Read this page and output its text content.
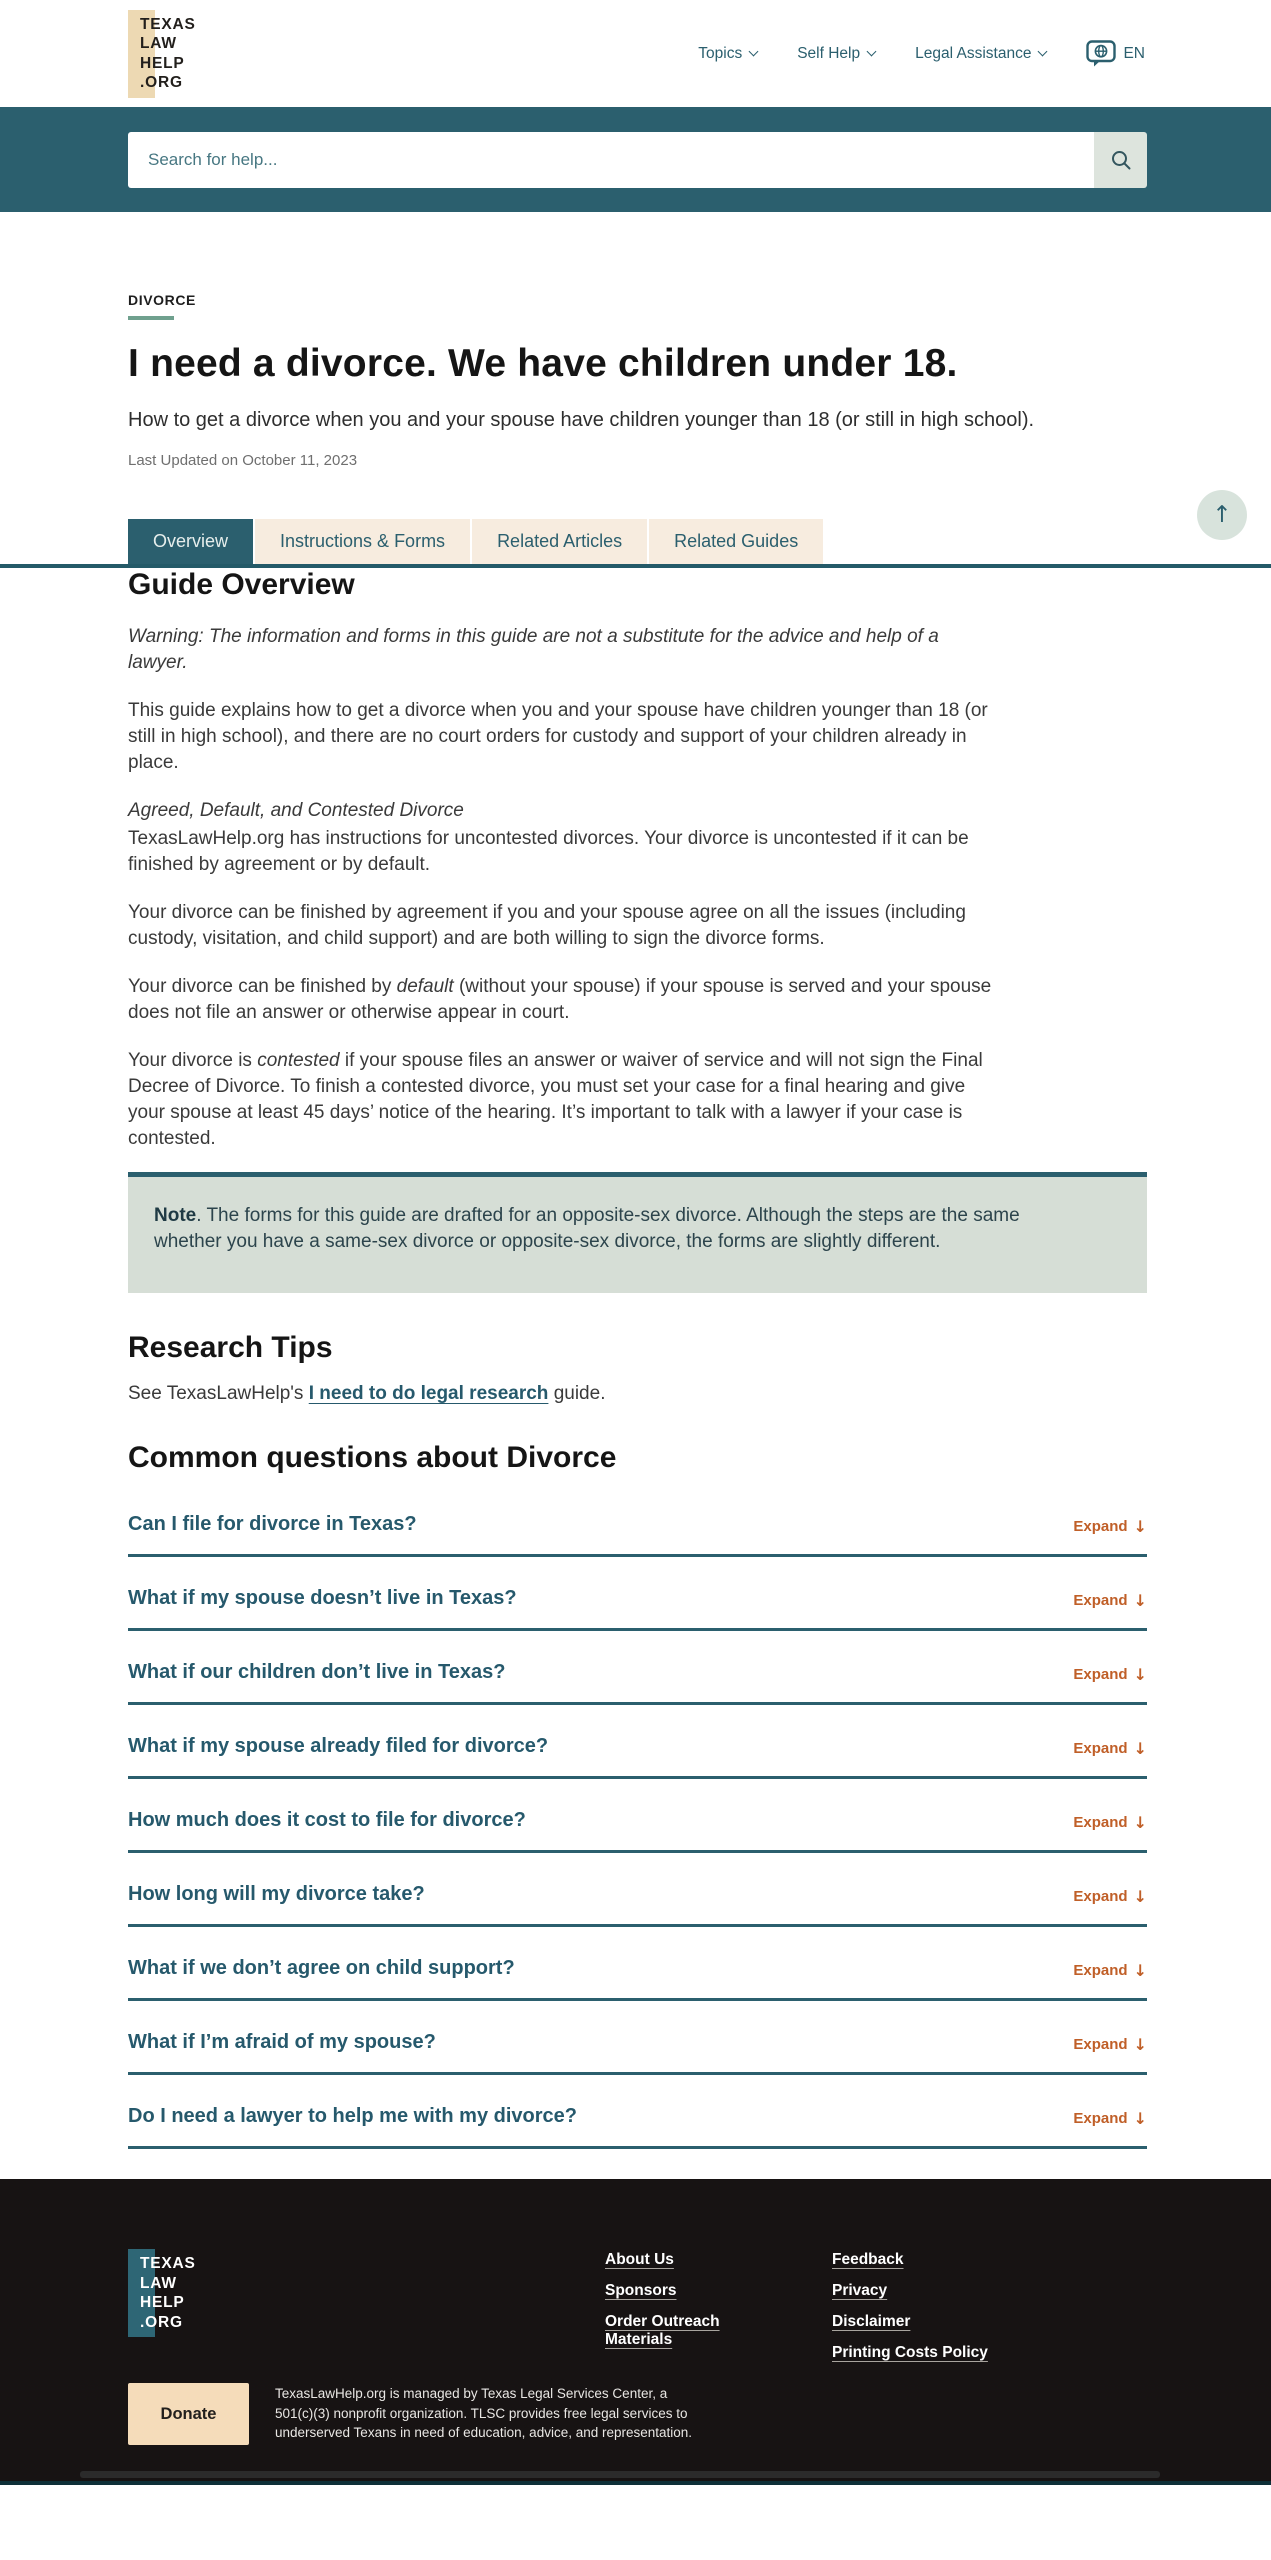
TEXAS
LAW
HELP
.ORG
Topics	Self Help	Legal Assistance	EN
Search for help...
DIVORCE
I need a divorce. We have children under 18.
How to get a divorce when you and your spouse have children younger than 18 (or still in high school).
Last Updated on October 11, 2023
Overview	Instructions & Forms	Related Articles	Related Guides
↑
Guide Overview

Warning: The information and forms in this guide are not a substitute for the advice and help of a lawyer.

This guide explains how to get a divorce when you and your spouse have children younger than 18 (or still in high school), and there are no court orders for custody and support of your children already in place.

Agreed, Default, and Contested Divorce

TexasLawHelp.org has instructions for uncontested divorces. Your divorce is uncontested if it can be finished by agreement or by default.

Your divorce can be finished by agreement if you and your spouse agree on all the issues (including custody, visitation, and child support) and are both willing to sign the divorce forms.

Your divorce can be finished by default (without your spouse) if your spouse is served and your spouse does not file an answer or otherwise appear in court.

Your divorce is contested if your spouse files an answer or waiver of service and will not sign the Final Decree of Divorce. To finish a contested divorce, you must set your case for a final hearing and give your spouse at least 45 days’ notice of the hearing. It’s important to talk with a lawyer if your case is contested.

Note. The forms for this guide are drafted for an opposite-sex divorce. Although the steps are the same whether you have a same-sex divorce or opposite-sex divorce, the forms are slightly different.

Research Tips

See TexasLawHelp's I need to do legal research guide.

Common questions about Divorce
Can I file for divorce in Texas?	Expand ↓
What if my spouse doesn’t live in Texas?	Expand ↓
What if our children don’t live in Texas?	Expand ↓
What if my spouse already filed for divorce?	Expand ↓
How much does it cost to file for divorce?	Expand ↓
How long will my divorce take?	Expand ↓
What if we don’t agree on child support?	Expand ↓
What if I’m afraid of my spouse?	Expand ↓
Do I need a lawyer to help me with my divorce?	Expand ↓
TEXAS
LAW
HELP
.ORG
About Us
Sponsors
Order Outreach Materials
Feedback
Privacy
Disclaimer
Printing Costs Policy
Donate
TexasLawHelp.org is managed by Texas Legal Services Center, a 501(c)(3) nonprofit organization. TLSC provides free legal services to underserved Texans in need of education, advice, and representation.
